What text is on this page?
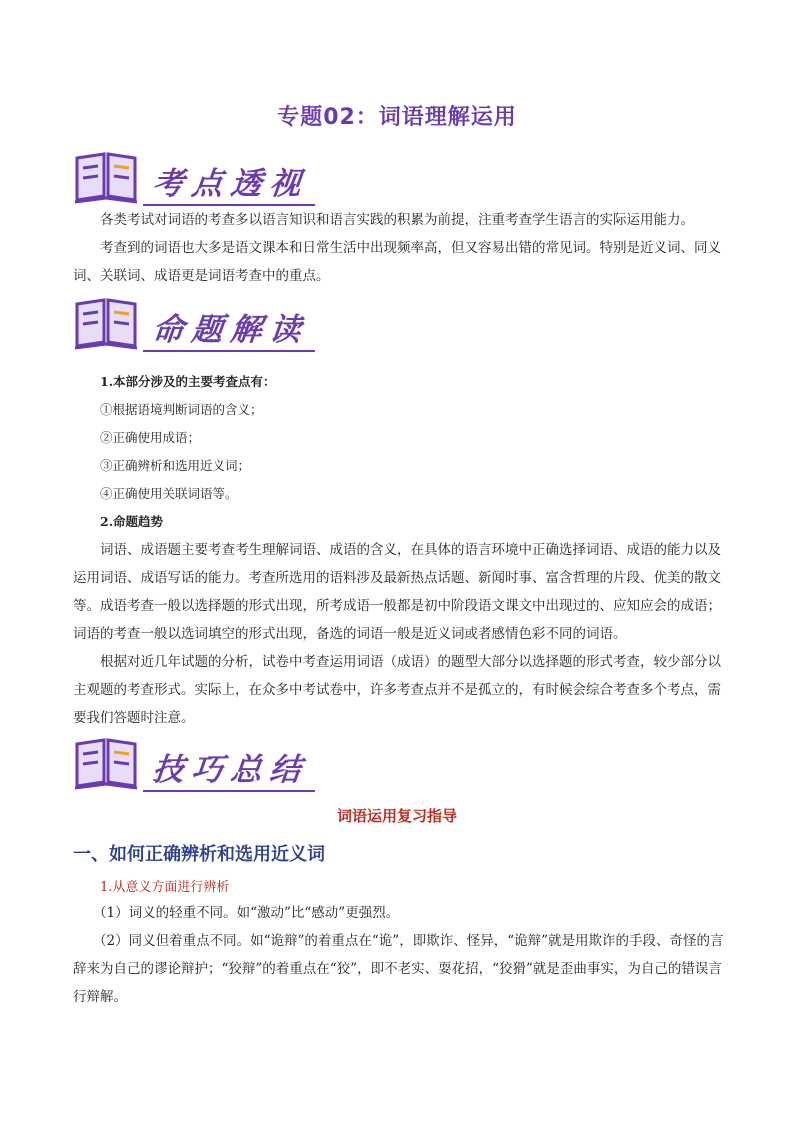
专题02：词语理解运用
考点透视

各类考试对词语的考查多以语言知识和语言实践的积累为前提，注重考查学生语言的实际运用能力。

考查到的词语也大多是语文课本和日常生活中出现频率高，但又容易出错的常见词。特别是近义词、同义词、关联词、成语更是词语考查中的重点。

命题解读

1.本部分涉及的主要考查点有：

①根据语境判断词语的含义；

②正确使用成语；

③正确辨析和选用近义词；

④正确使用关联词语等。

2.命题趋势

词语、成语题主要考查考生理解词语、成语的含义，在具体的语言环境中正确选择词语、成语的能力以及运用词语、成语写话的能力。考查所选用的语料涉及最新热点话题、新闻时事、富含哲理的片段、优美的散文等。成语考查一般以选择题的形式出现，所考成语一般都是初中阶段语文课文中出现过的、应知应会的成语；词语的考查一般以选词填空的形式出现，备选的词语一般是近义词或者感情色彩不同的词语。

根据对近几年试题的分析，试卷中考查运用词语（成语）的题型大部分以选择题的形式考查，较少部分以主观题的考查形式。实际上，在众多中考试卷中，许多考查点并不是孤立的，有时候会综合考查多个考点，需要我们答题时注意。

技巧总结
词语运用复习指导
一、如何正确辨析和选用近义词
1.从意义方面进行辨析

（1）词义的轻重不同。如“激动”比“感动”更强烈。

（2）同义但着重点不同。如“诡辩”的着重点在“诡”，即欺诈、怪异，“诡辩”就是用欺诈的手段、奇怪的言辞来为自己的谬论辩护；“狡辩”的着重点在“狡”，即不老实、耍花招，“狡猾”就是歪曲事实，为自己的错误言行辩解。
